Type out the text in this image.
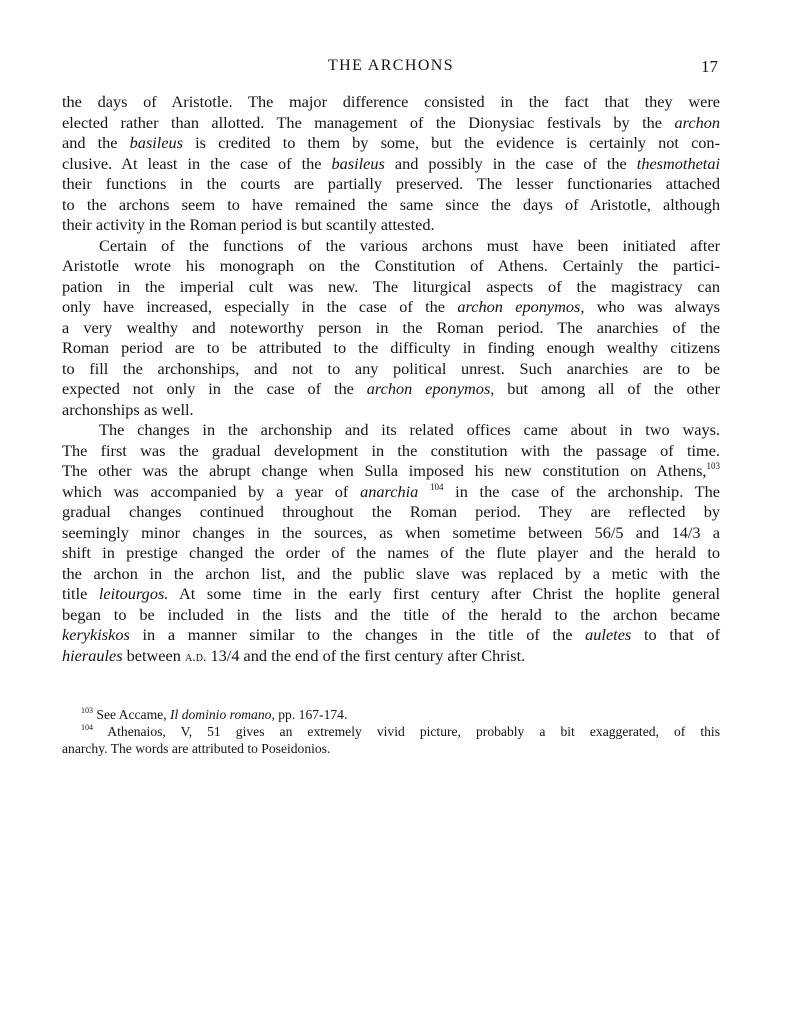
THE ARCHONS	17

the days of Aristotle. The major difference consisted in the fact that they were
elected rather than allotted. The management of the Dionysiac festivals by the archon
and the basileus is credited to them by some, but the evidence is certainly not con-
clusive. At least in the case of the basileus and possibly in the case of the thesmothetai
their functions in the courts are partially preserved. The lesser functionaries attached
to the archons seem to have remained the same since the days of Aristotle, although
their activity in the Roman period is but scantily attested.

Certain of the functions of the various archons must have been initiated after
Aristotle wrote his monograph on the Constitution of Athens. Certainly the partici-
pation in the imperial cult was new. The liturgical aspects of the magistracy can
only have increased, especially in the case of the archon eponymos, who was always
a very wealthy and noteworthy person in the Roman period. The anarchies of the
Roman period are to be attributed to the difficulty in finding enough wealthy citizens
to fill the archonships, and not to any political unrest. Such anarchies are to be
expected not only in the case of the archon eponymos, but among all of the other
archonships as well.

The changes in the archonship and its related offices came about in two ways.
The first was the gradual development in the constitution with the passage of time.
The other was the abrupt change when Sulla imposed his new constitution on Athens,$^{103}$
which was accompanied by a year of anarchia $^{104}$ in the case of the archonship. The
gradual changes continued throughout the Roman period. They are reflected by
seemingly minor changes in the sources, as when sometime between 56/5 and 14/3 a
shift in prestige changed the order of the names of the flute player and the herald to
the archon in the archon list, and the public slave was replaced by a metic with the
title leitourgos. At some time in the early first century after Christ the hoplite general
began to be included in the lists and the title of the herald to the archon became
kerykiskos in a manner similar to the changes in the title of the auletes to that of
hieraules between a.d. 13/4 and the end of the first century after Christ.

$^{103}$ See Accame, Il dominio romano, pp. 167-174.

$^{104}$ Athenaios, V, 51 gives an extremely vivid picture, probably a bit exaggerated, of this
anarchy. The words are attributed to Poseidonios.
